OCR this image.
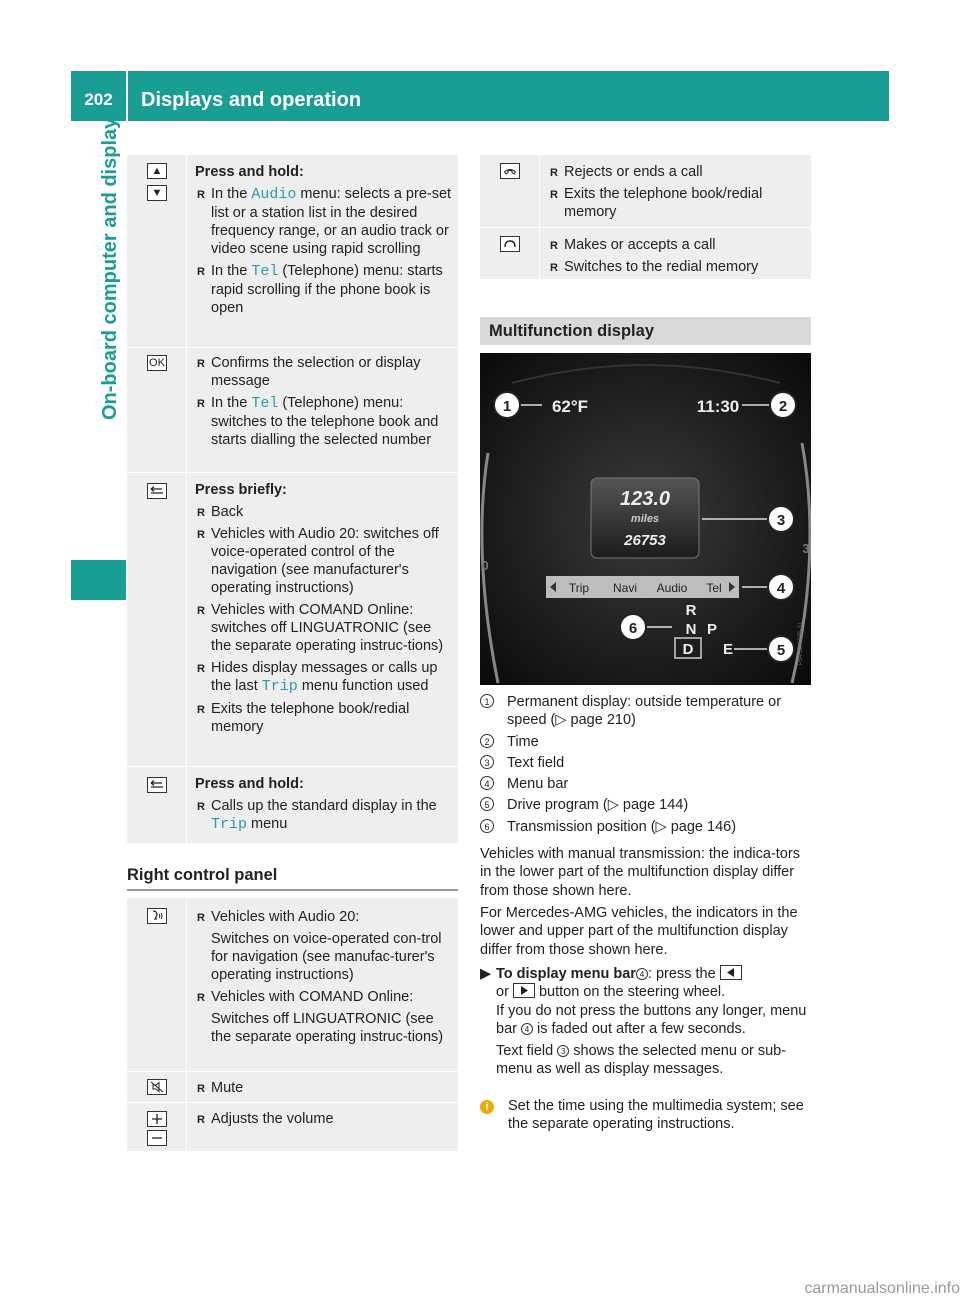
202	Displays and operation
On-board computer and displays	▲
▼
Press and hold:
R In the Audio menu: selects a pre-set list or a station list in the desired frequency range, or an audio track or video scene using rapid scrolling
R In the Tel (Telephone) menu: starts rapid scrolling if the phone book is open
OK
R	Confirms the selection or display message
R In the Tel (Telephone) menu: switches to the telephone book and starts dialling the selected number
Press briefly:
R Back
R Vehicles with Audio 20: switches off voice-operated control of the navigation (see manufacturer's operating instructions)
R Vehicles with COMAND Online: switches off LINGUATRONIC (see the separate operating instruc-tions)
R Hides display messages or calls up the last Trip menu function used
R Exits the telephone book/redial memory
Press and hold:
R Calls up the standard display in the Trip menu
Right control panel
R Vehicles with Audio 20:

Switches on voice-operated con-trol for navigation (see manufac-turer's operating instructions)

R Vehicles with COMAND Online:

Switches off LINGUATRONIC (see the separate operating instruc-tions)

R Mute
R Adjusts the volume
R Rejects or ends a call
R Exits the telephone book/redial memory
R Makes or accepts a call
R Switches to the redial memory
Multifunction display
1	2
3
4
5
6
62°F	11:30
123.0
miles
26753
R
N P
D E
0
3
Trip Navi Audio Tel
P54.32-6735-31
1	Permanent display: outside temperature or speed (▷ page 210)
2	Time
3	Text field
4	Menu bar
5	Drive program (▷ page 144)
6	Transmission position (▷ page 146)
Vehicles with manual transmission: the indica-tors in the lower part of the multifunction display differ from those shown here.
For Mercedes-AMG vehicles, the indicators in the lower and upper part of the multifunction display differ from those shown here.
▶ To display menu bar 4 : press the

or button on the steering wheel.
If you do not press the buttons any longer, menu bar 4 is faded out after a few seconds.
Text field 3 shows the selected menu or sub-menu as well as display messages.
i Set the time using the multimedia system; see the separate operating instructions.
carmanualsonline.info
